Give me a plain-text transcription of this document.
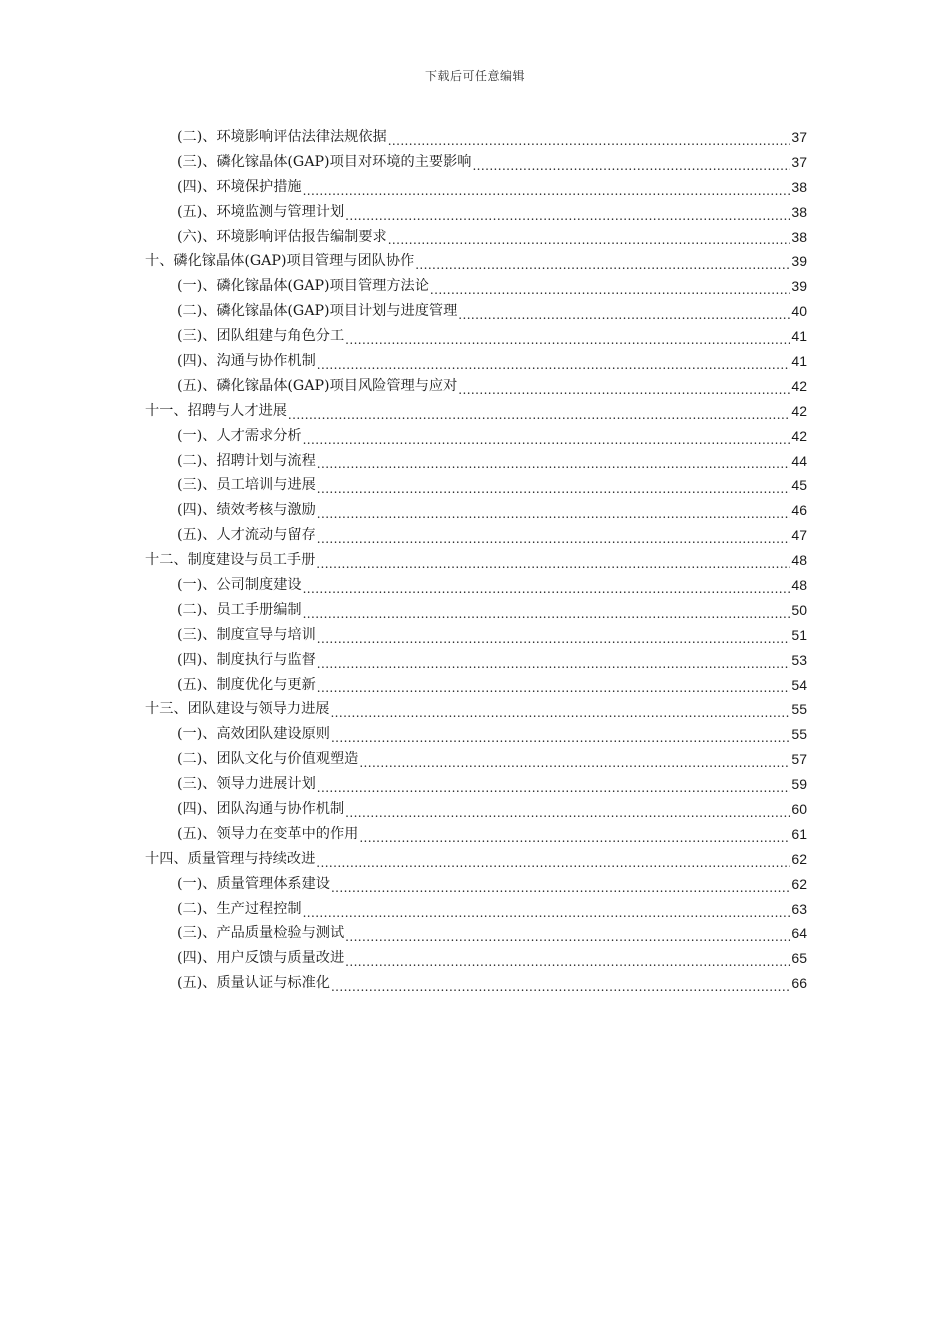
下载后可任意编辑
(二)、环境影响评估法律法规依据 .....	37
(三)、磷化镓晶体(GAP)项目对环境的主要影响 .....	37
(四)、环境保护措施 .....	38
(五)、环境监测与管理计划 .....	38
(六)、环境影响评估报告编制要求 .....	38
十、磷化镓晶体(GAP)项目管理与团队协作 .....	39
(一)、磷化镓晶体(GAP)项目管理方法论 .....	39
(二)、磷化镓晶体(GAP)项目计划与进度管理 .....	40
(三)、团队组建与角色分工 .....	41
(四)、沟通与协作机制 .....	41
(五)、磷化镓晶体(GAP)项目风险管理与应对 .....	42
十一、招聘与人才进展 .....	42
(一)、人才需求分析 .....	42
(二)、招聘计划与流程 .....	44
(三)、员工培训与进展 .....	45
(四)、绩效考核与激励 .....	46
(五)、人才流动与留存 .....	47
十二、制度建设与员工手册 .....	48
(一)、公司制度建设 .....	48
(二)、员工手册编制 .....	50
(三)、制度宣导与培训 .....	51
(四)、制度执行与监督 .....	53
(五)、制度优化与更新 .....	54
十三、团队建设与领导力进展 .....	55
(一)、高效团队建设原则 .....	55
(二)、团队文化与价值观塑造 .....	57
(三)、领导力进展计划 .....	59
(四)、团队沟通与协作机制 .....	60
(五)、领导力在变革中的作用 .....	61
十四、质量管理与持续改进 .....	62
(一)、质量管理体系建设 .....	62
(二)、生产过程控制 .....	63
(三)、产品质量检验与测试 .....	64
(四)、用户反馈与质量改进 .....	65
(五)、质量认证与标准化 .....	66
